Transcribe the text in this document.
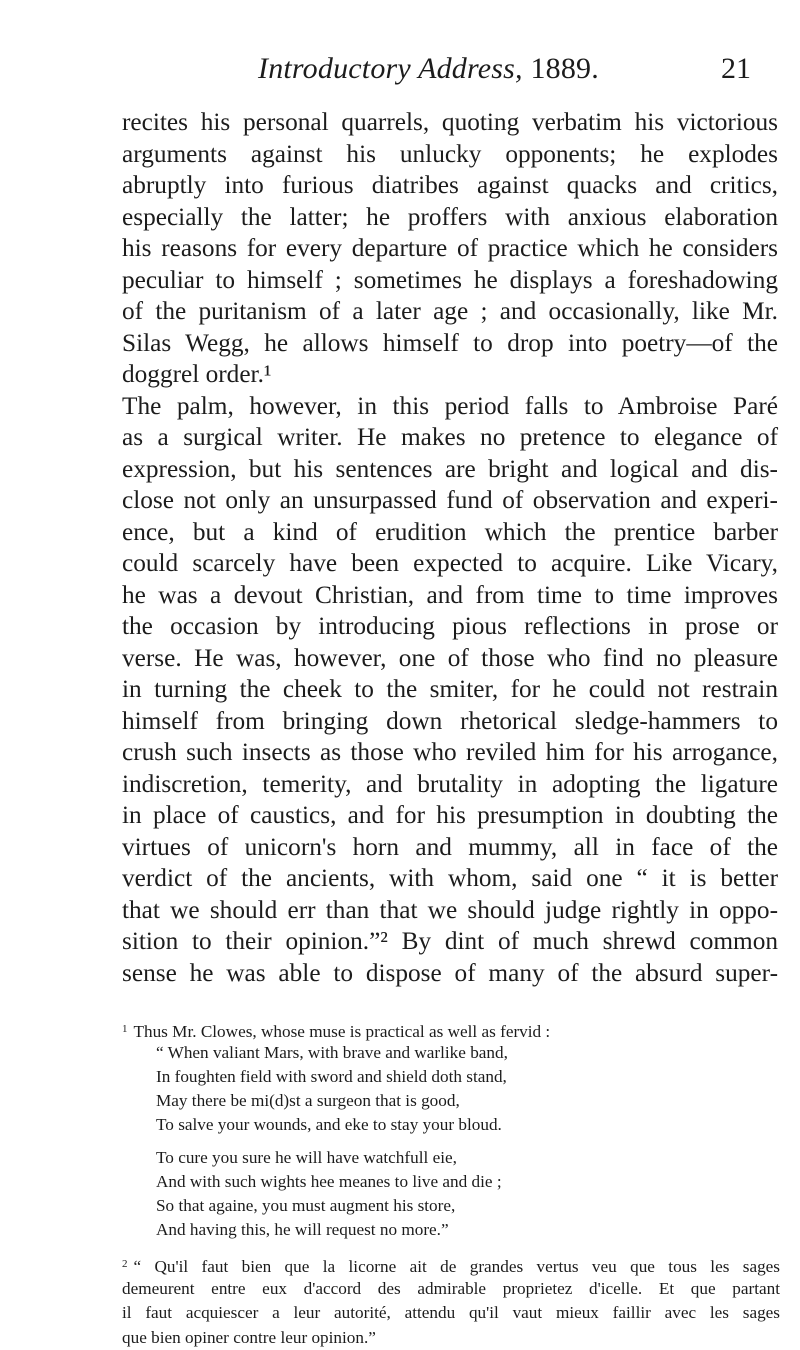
Introductory Address, 1889.	21
recites his personal quarrels, quoting verbatim his victorious
arguments against his unlucky opponents; he explodes
abruptly into furious diatribes against quacks and critics,
especially the latter; he proffers with anxious elaboration
his reasons for every departure of practice which he considers
peculiar to himself ; sometimes he displays a foreshadowing
of the puritanism of a later age ; and occasionally, like Mr.
Silas Wegg, he allows himself to drop into poetry—of the
doggrel order.¹
The palm, however, in this period falls to Ambroise Paré
as a surgical writer. He makes no pretence to elegance of
expression, but his sentences are bright and logical and dis-
close not only an unsurpassed fund of observation and experi-
ence, but a kind of erudition which the prentice barber
could scarcely have been expected to acquire. Like Vicary,
he was a devout Christian, and from time to time improves
the occasion by introducing pious reflections in prose or
verse. He was, however, one of those who find no pleasure
in turning the cheek to the smiter, for he could not restrain
himself from bringing down rhetorical sledge-hammers to
crush such insects as those who reviled him for his arrogance,
indiscretion, temerity, and brutality in adopting the ligature
in place of caustics, and for his presumption in doubting the
virtues of unicorn's horn and mummy, all in face of the
verdict of the ancients, with whom, said one “ it is better
that we should err than that we should judge rightly in oppo-
sition to their opinion.”² By dint of much shrewd common
sense he was able to dispose of many of the absurd super-
$^1$ Thus Mr. Clowes, whose muse is practical as well as fervid :
“ When valiant Mars, with brave and warlike band,
In foughten field with sword and shield doth stand,
May there be mi(d)st a surgeon that is good,
To salve your wounds, and eke to stay your bloud.
To cure you sure he will have watchfull eie,
And with such wights hee meanes to live and die ;
So that againe, you must augment his store,
And having this, he will request no more.”
$^2$ “ Qu'il faut bien que la licorne ait de grandes vertus veu que tous les sages
demeurent entre eux d'accord des admirable proprietez d'icelle. Et que partant
il faut acquiescer a leur autorité, attendu qu'il vaut mieux faillir avec les sages
que bien opiner contre leur opinion.”
